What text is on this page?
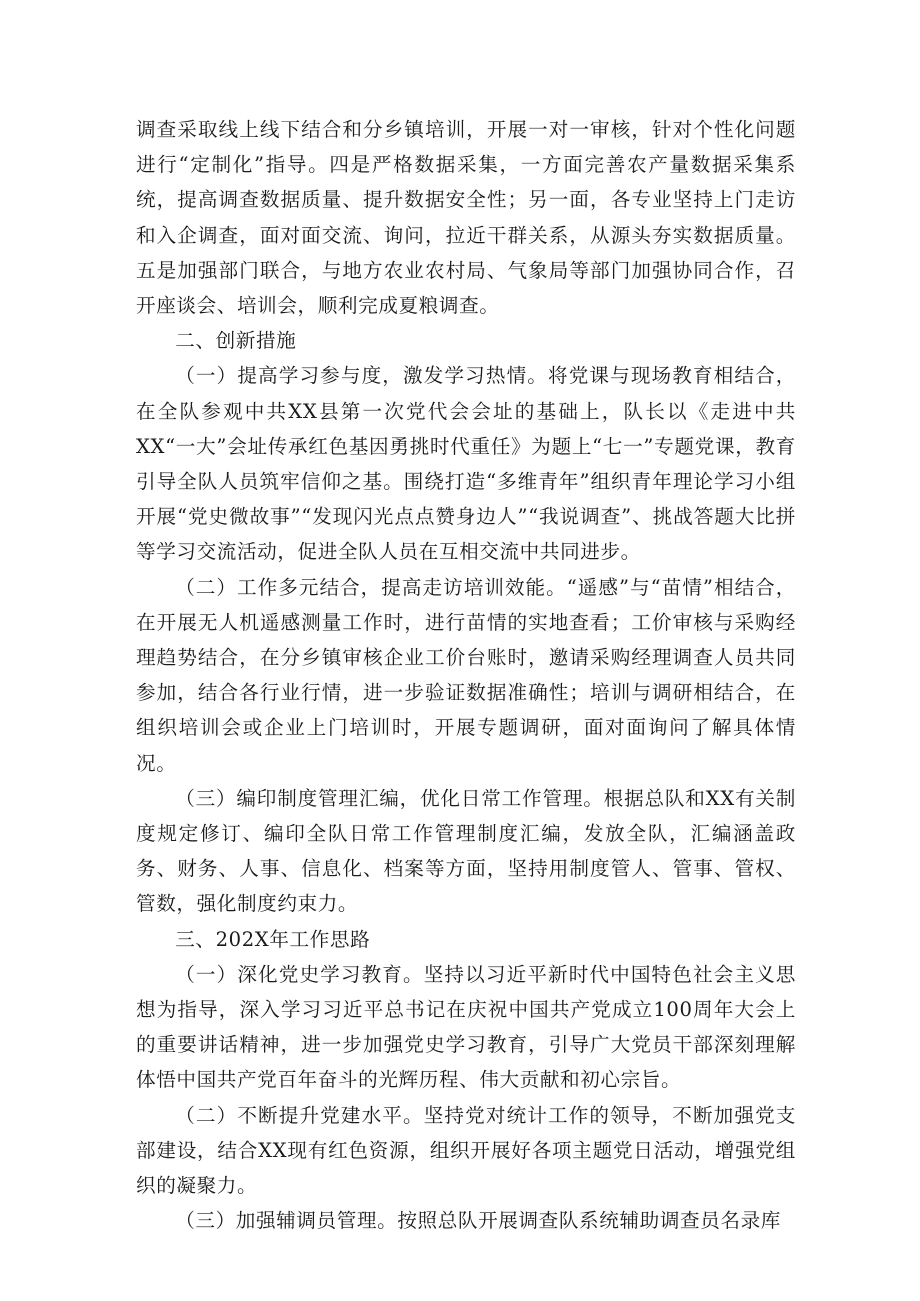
调查采取线上线下结合和分乡镇培训，开展一对一审核，针对个性化问题进行“定制化”指导。四是严格数据采集，一方面完善农产量数据采集系统，提高调查数据质量、提升数据安全性；另一面，各专业坚持上门走访和入企调查，面对面交流、询问，拉近干群关系，从源头夯实数据质量。五是加强部门联合，与地方农业农村局、气象局等部门加强协同合作，召开座谈会、培训会，顺利完成夏粮调查。

二、创新措施

（一）提高学习参与度，激发学习热情。将党课与现场教育相结合，在全队参观中共XX县第一次党代会会址的基础上，队长以《走进中共XX“一大”会址传承红色基因勇挑时代重任》为题上“七一”专题党课，教育引导全队人员筑牢信仰之基。围绕打造“多维青年”组织青年理论学习小组开展“党史微故事”“发现闪光点点赞身边人”“我说调查”、挑战答题大比拼等学习交流活动，促进全队人员在互相交流中共同进步。

（二）工作多元结合，提高走访培训效能。“遥感”与“苗情”相结合，在开展无人机遥感测量工作时，进行苗情的实地查看；工价审核与采购经理趋势结合，在分乡镇审核企业工价台账时，邀请采购经理调查人员共同参加，结合各行业行情，进一步验证数据准确性；培训与调研相结合，在组织培训会或企业上门培训时，开展专题调研，面对面询问了解具体情况。

（三）编印制度管理汇编，优化日常工作管理。根据总队和XX有关制度规定修订、编印全队日常工作管理制度汇编，发放全队，汇编涵盖政务、财务、人事、信息化、档案等方面，坚持用制度管人、管事、管权、管数，强化制度约束力。

三、202X年工作思路

（一）深化党史学习教育。坚持以习近平新时代中国特色社会主义思想为指导，深入学习习近平总书记在庆祝中国共产党成立100周年大会上的重要讲话精神，进一步加强党史学习教育，引导广大党员干部深刻理解体悟中国共产党百年奋斗的光辉历程、伟大贡献和初心宗旨。

（二）不断提升党建水平。坚持党对统计工作的领导，不断加强党支部建设，结合XX现有红色资源，组织开展好各项主题党日活动，增强党组织的凝聚力。

（三）加强辅调员管理。按照总队开展调查队系统辅助调查员名录库
